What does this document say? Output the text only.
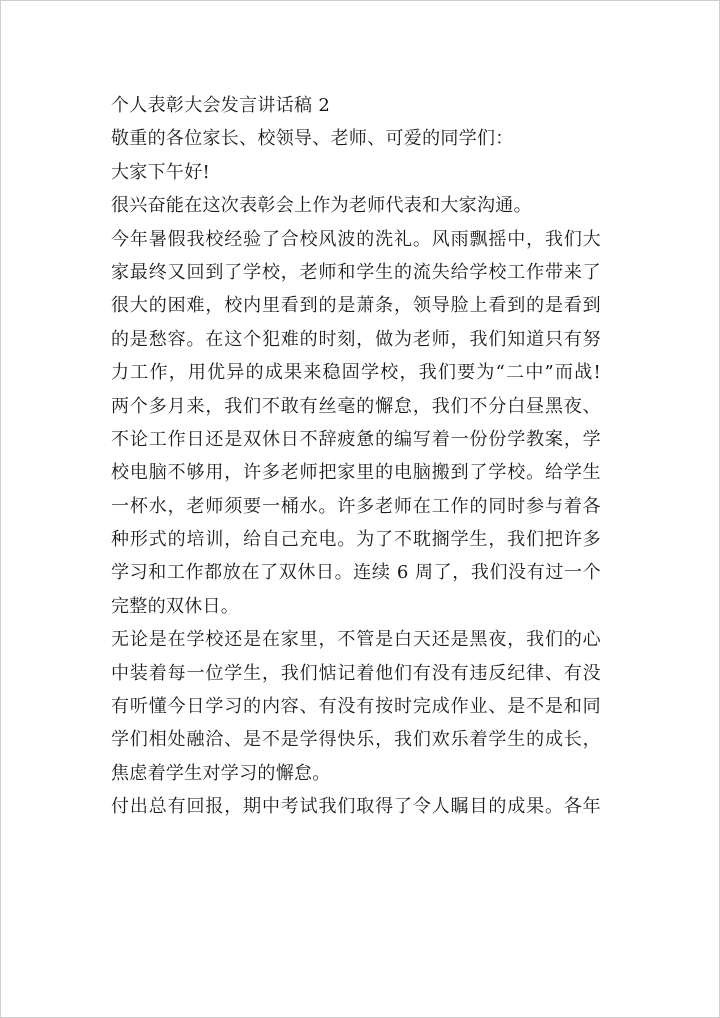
个人表彰大会发言讲话稿 2
敬重的各位家长、校领导、老师、可爱的同学们：
大家下午好!
很兴奋能在这次表彰会上作为老师代表和大家沟通。
今年暑假我校经验了合校风波的洗礼。风雨飘摇中，我们大
家最终又回到了学校，老师和学生的流失给学校工作带来了
很大的困难，校内里看到的是萧条，领导脸上看到的是看到
的是愁容。在这个犯难的时刻，做为老师，我们知道只有努
力工作，用优异的成果来稳固学校，我们要为“二中”而战!
两个多月来，我们不敢有丝毫的懈怠，我们不分白昼黑夜、
不论工作日还是双休日不辞疲惫的编写着一份份学教案，学
校电脑不够用，许多老师把家里的电脑搬到了学校。给学生
一杯水，老师须要一桶水。许多老师在工作的同时参与着各
种形式的培训，给自己充电。为了不耽搁学生，我们把许多
学习和工作都放在了双休日。连续 6 周了，我们没有过一个
完整的双休日。
无论是在学校还是在家里，不管是白天还是黑夜，我们的心
中装着每一位学生，我们惦记着他们有没有违反纪律、有没
有听懂今日学习的内容、有没有按时完成作业、是不是和同
学们相处融洽、是不是学得快乐，我们欢乐着学生的成长，
焦虑着学生对学习的懈怠。
付出总有回报，期中考试我们取得了令人瞩目的成果。各年
